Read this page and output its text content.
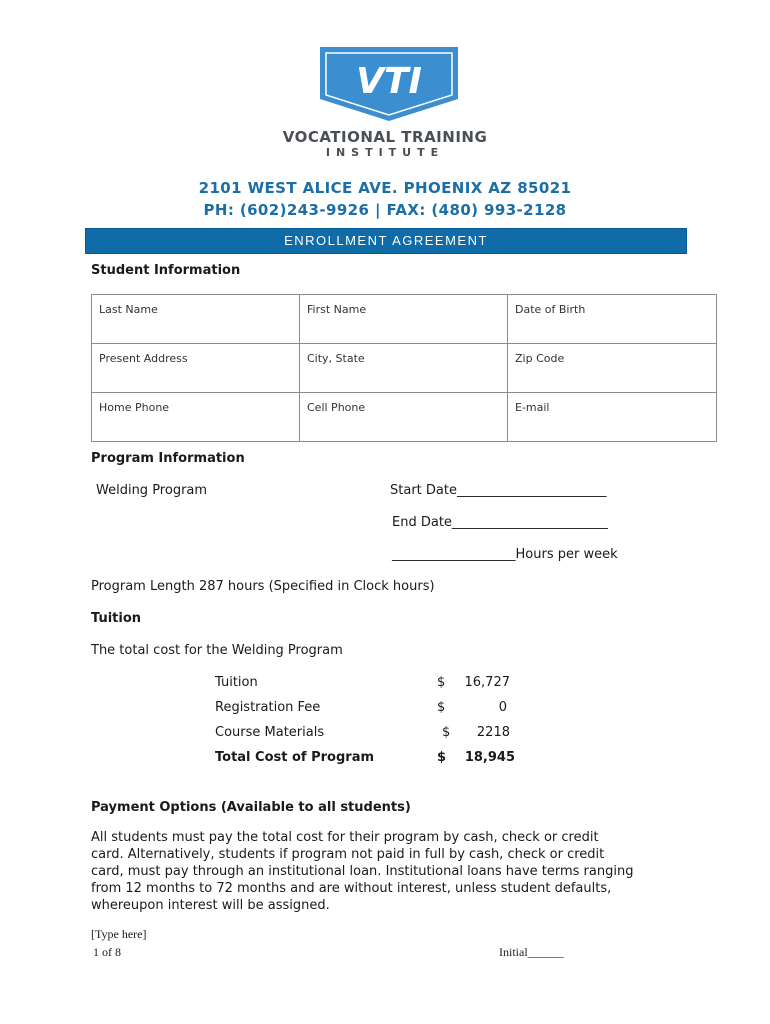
VTI
VOCATIONAL TRAINING
INSTITUTE
2101 WEST ALICE AVE. PHOENIX AZ 85021
PH: (602)243-9926 | FAX: (480) 993-2128
ENROLLMENT AGREEMENT
Student Information
Last Name	First Name	Date of Birth
Present Address	City, State	Zip Code
Home Phone	Cell Phone	E-mail
Program Information
Welding Program	Start Date_______________________
End Date________________________
___________________Hours per week
Program Length 287 hours (Specified in Clock hours)
Tuition
The total cost for the Welding Program
Tuition	$	16,727
Registration Fee	$	0
Course Materials	$	2218
Total Cost of Program	$	18,945
Payment Options (Available to all students)
All students must pay the total cost for their program by cash, check or credit
card. Alternatively, students if program not paid in full by cash, check or credit
card, must pay through an institutional loan. Institutional loans have terms ranging
from 12 months to 72 months and are without interest, unless student defaults,
whereupon interest will be assigned.
[Type here]
1 of 8	Initial______
